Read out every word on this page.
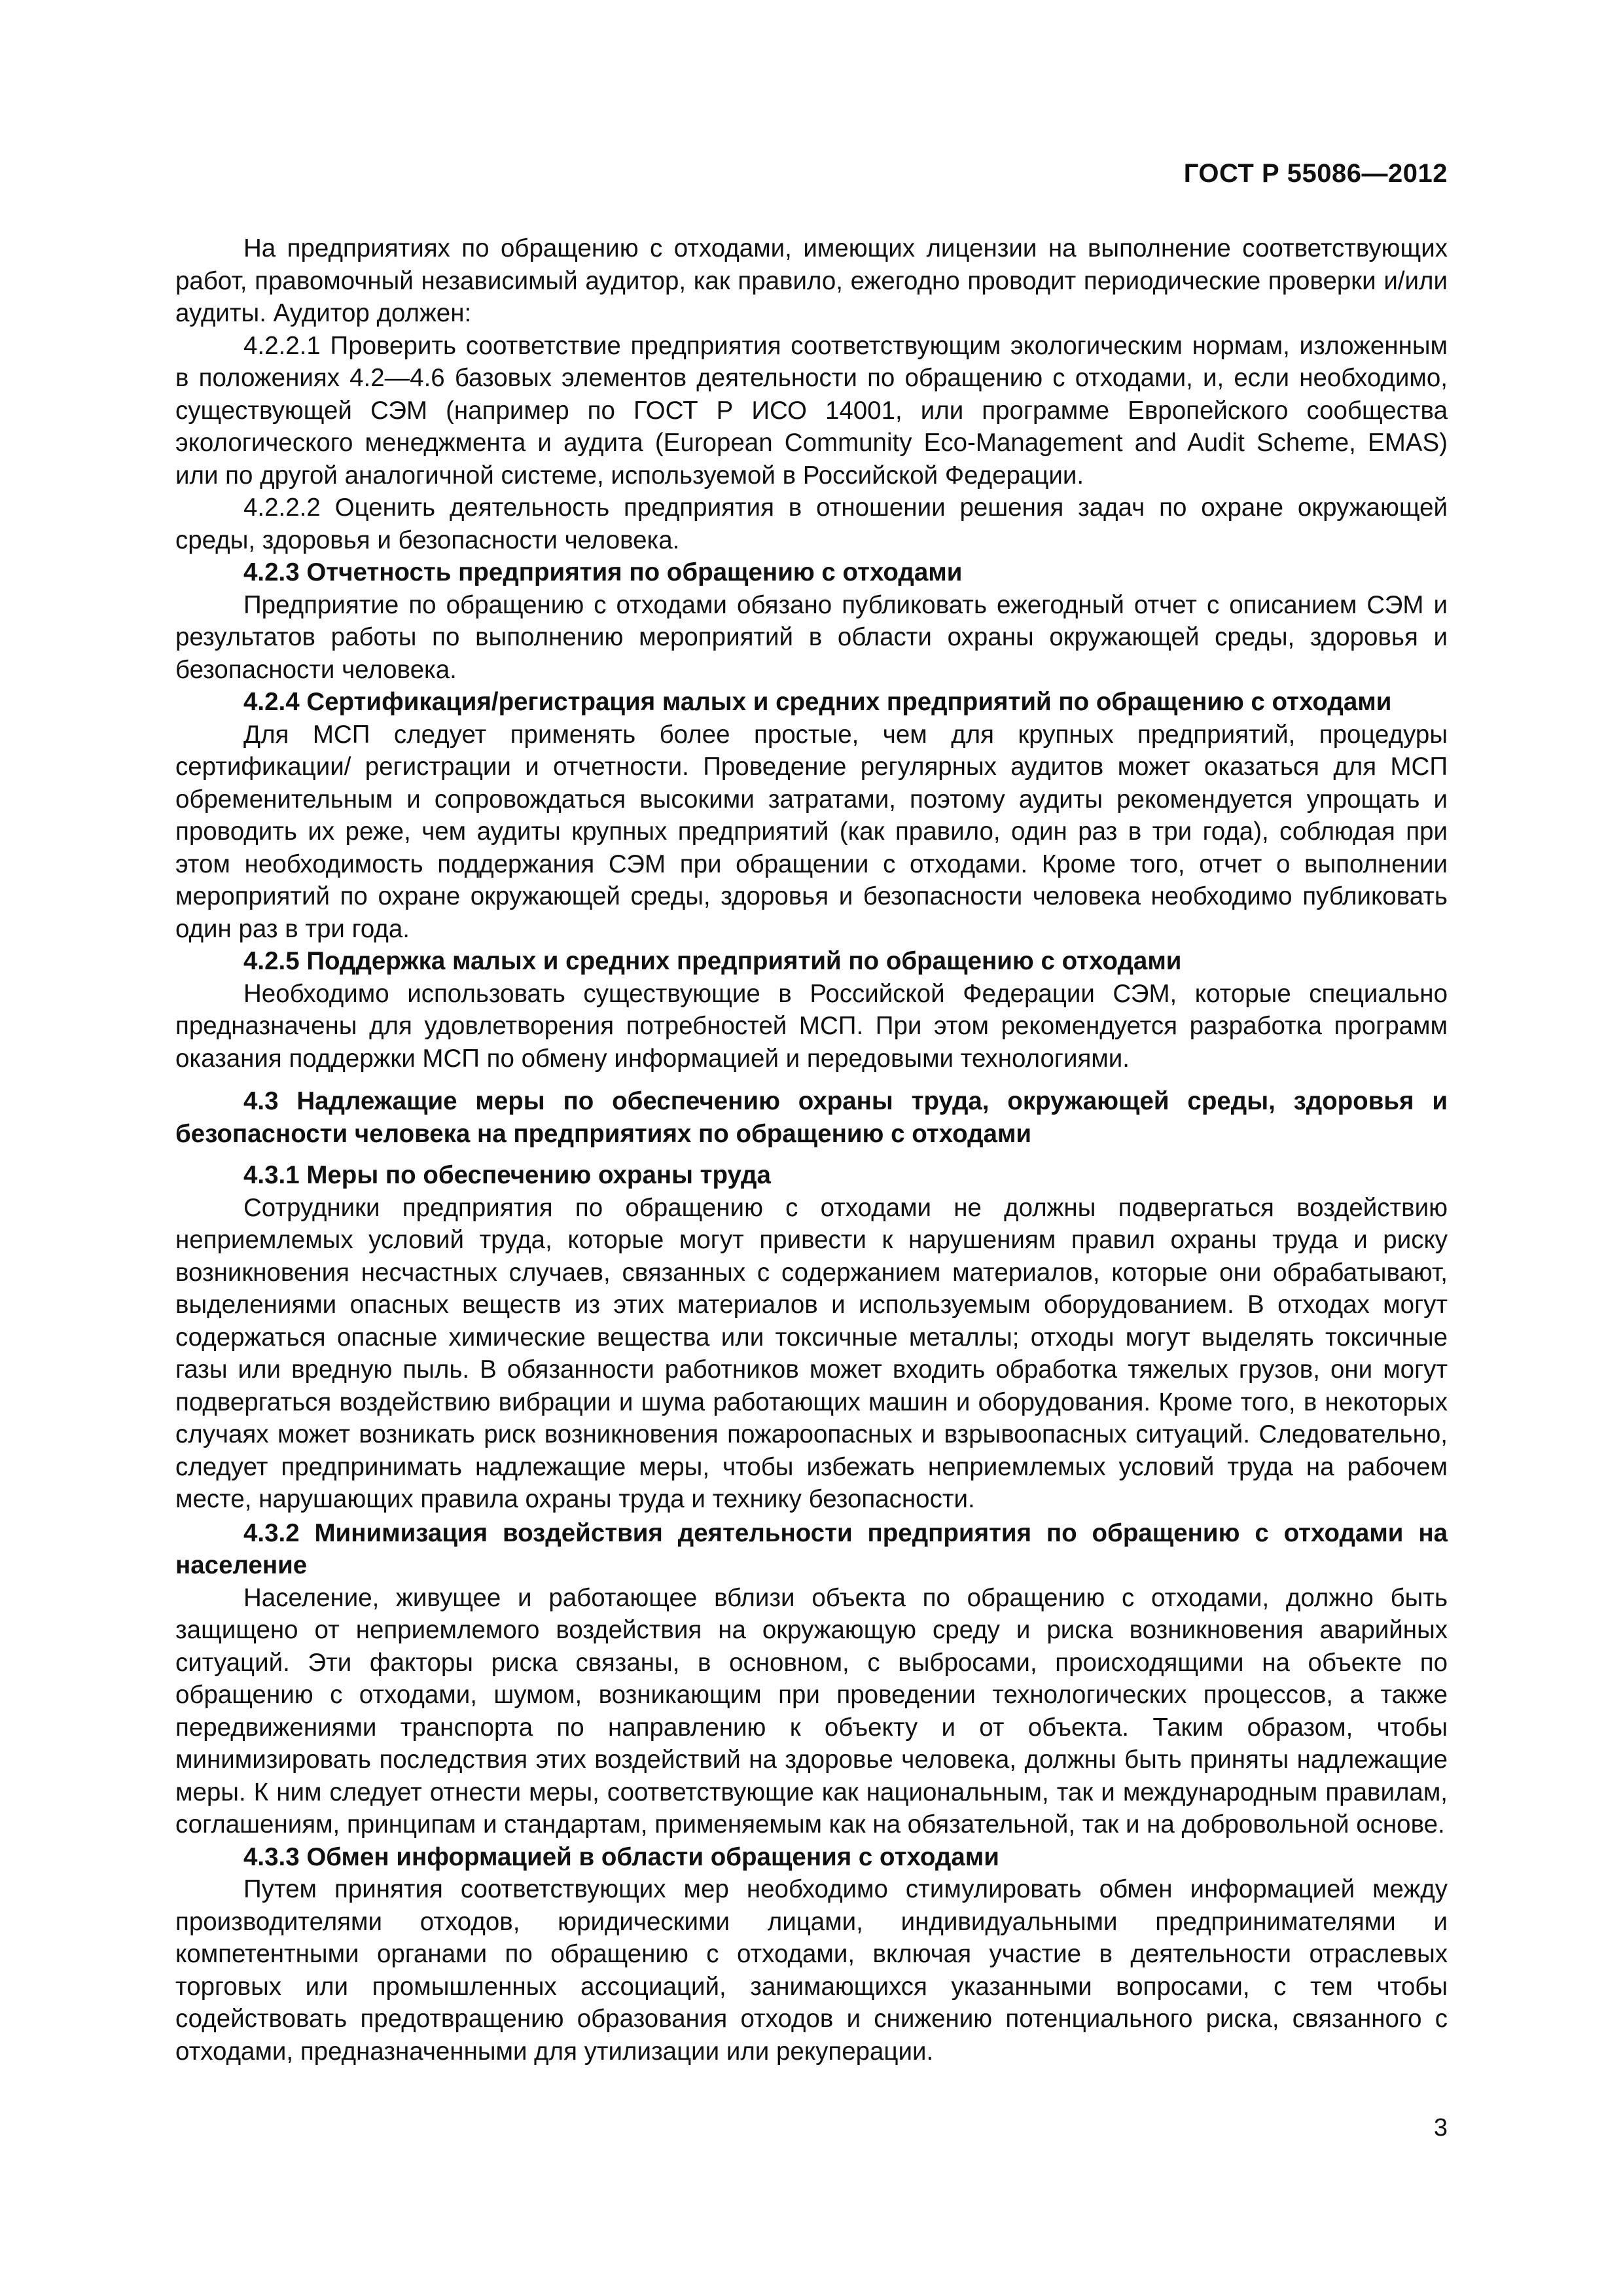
ГОСТ Р 55086—2012

На предприятиях по обращению с отходами, имеющих лицензии на выполнение соответствующих работ, правомочный независимый аудитор, как правило, ежегодно проводит периодические проверки и/или аудиты. Аудитор должен:

4.2.2.1 Проверить соответствие предприятия соответствующим экологическим нормам, изложенным в положениях 4.2—4.6 базовых элементов деятельности по обращению с отходами, и, если необходимо, существующей СЭМ (например по ГОСТ Р ИСО 14001, или программе Европейского сообщества экологического менеджмента и аудита (European Community Eco-Management and Audit Scheme, EMAS) или по другой аналогичной системе, используемой в Российской Федерации.

4.2.2.2 Оценить деятельность предприятия в отношении решения задач по охране окружающей среды, здоровья и безопасности человека.

4.2.3 Отчетность предприятия по обращению с отходами

Предприятие по обращению с отходами обязано публиковать ежегодный отчет с описанием СЭМ и результатов работы по выполнению мероприятий в области охраны окружающей среды, здоровья и безопасности человека.

4.2.4 Сертификация/регистрация малых и средних предприятий по обращению с отходами

Для МСП следует применять более простые, чем для крупных предприятий, процедуры сертификации/ регистрации и отчетности. Проведение регулярных аудитов может оказаться для МСП обременительным и сопровождаться высокими затратами, поэтому аудиты рекомендуется упрощать и проводить их реже, чем аудиты крупных предприятий (как правило, один раз в три года), соблюдая при этом необходимость поддержания СЭМ при обращении с отходами. Кроме того, отчет о выполнении мероприятий по охране окружающей среды, здоровья и безопасности человека необходимо публиковать один раз в три года.

4.2.5 Поддержка малых и средних предприятий по обращению с отходами

Необходимо использовать существующие в Российской Федерации СЭМ, которые специально предназначены для удовлетворения потребностей МСП. При этом рекомендуется разработка программ оказания поддержки МСП по обмену информацией и передовыми технологиями.

4.3 Надлежащие меры по обеспечению охраны труда, окружающей среды, здоровья и безопасности человека на предприятиях по обращению с отходами
4.3.1 Меры по обеспечению охраны труда

Сотрудники предприятия по обращению с отходами не должны подвергаться воздействию неприемлемых условий труда, которые могут привести к нарушениям правил охраны труда и риску возникновения несчастных случаев, связанных с содержанием материалов, которые они обрабатывают, выделениями опасных веществ из этих материалов и используемым оборудованием. В отходах могут содержаться опасные химические вещества или токсичные металлы; отходы могут выделять токсичные газы или вредную пыль. В обязанности работников может входить обработка тяжелых грузов, они могут подвергаться воздействию вибрации и шума работающих машин и оборудования. Кроме того, в некоторых случаях может возникать риск возникновения пожароопасных и взрывоопасных ситуаций. Следовательно, следует предпринимать надлежащие меры, чтобы избежать неприемлемых условий труда на рабочем месте, нарушающих правила охраны труда и технику безопасности.

4.3.2 Минимизация воздействия деятельности предприятия по обращению с отходами на население

Население, живущее и работающее вблизи объекта по обращению с отходами, должно быть защищено от неприемлемого воздействия на окружающую среду и риска возникновения аварийных ситуаций. Эти факторы риска связаны, в основном, с выбросами, происходящими на объекте по обращению с отходами, шумом, возникающим при проведении технологических процессов, а также передвижениями транспорта по направлению к объекту и от объекта. Таким образом, чтобы минимизировать последствия этих воздействий на здоровье человека, должны быть приняты надлежащие меры. К ним следует отнести меры, соответствующие как национальным, так и международным правилам, соглашениям, принципам и стандартам, применяемым как на обязательной, так и на добровольной основе.

4.3.3 Обмен информацией в области обращения с отходами

Путем принятия соответствующих мер необходимо стимулировать обмен информацией между производителями отходов, юридическими лицами, индивидуальными предпринимателями и компетентными органами по обращению с отходами, включая участие в деятельности отраслевых торговых или промышленных ассоциаций, занимающихся указанными вопросами, с тем чтобы содействовать предотвращению образования отходов и снижению потенциального риска, связанного с отходами, предназначенными для утилизации или рекуперации.

3
